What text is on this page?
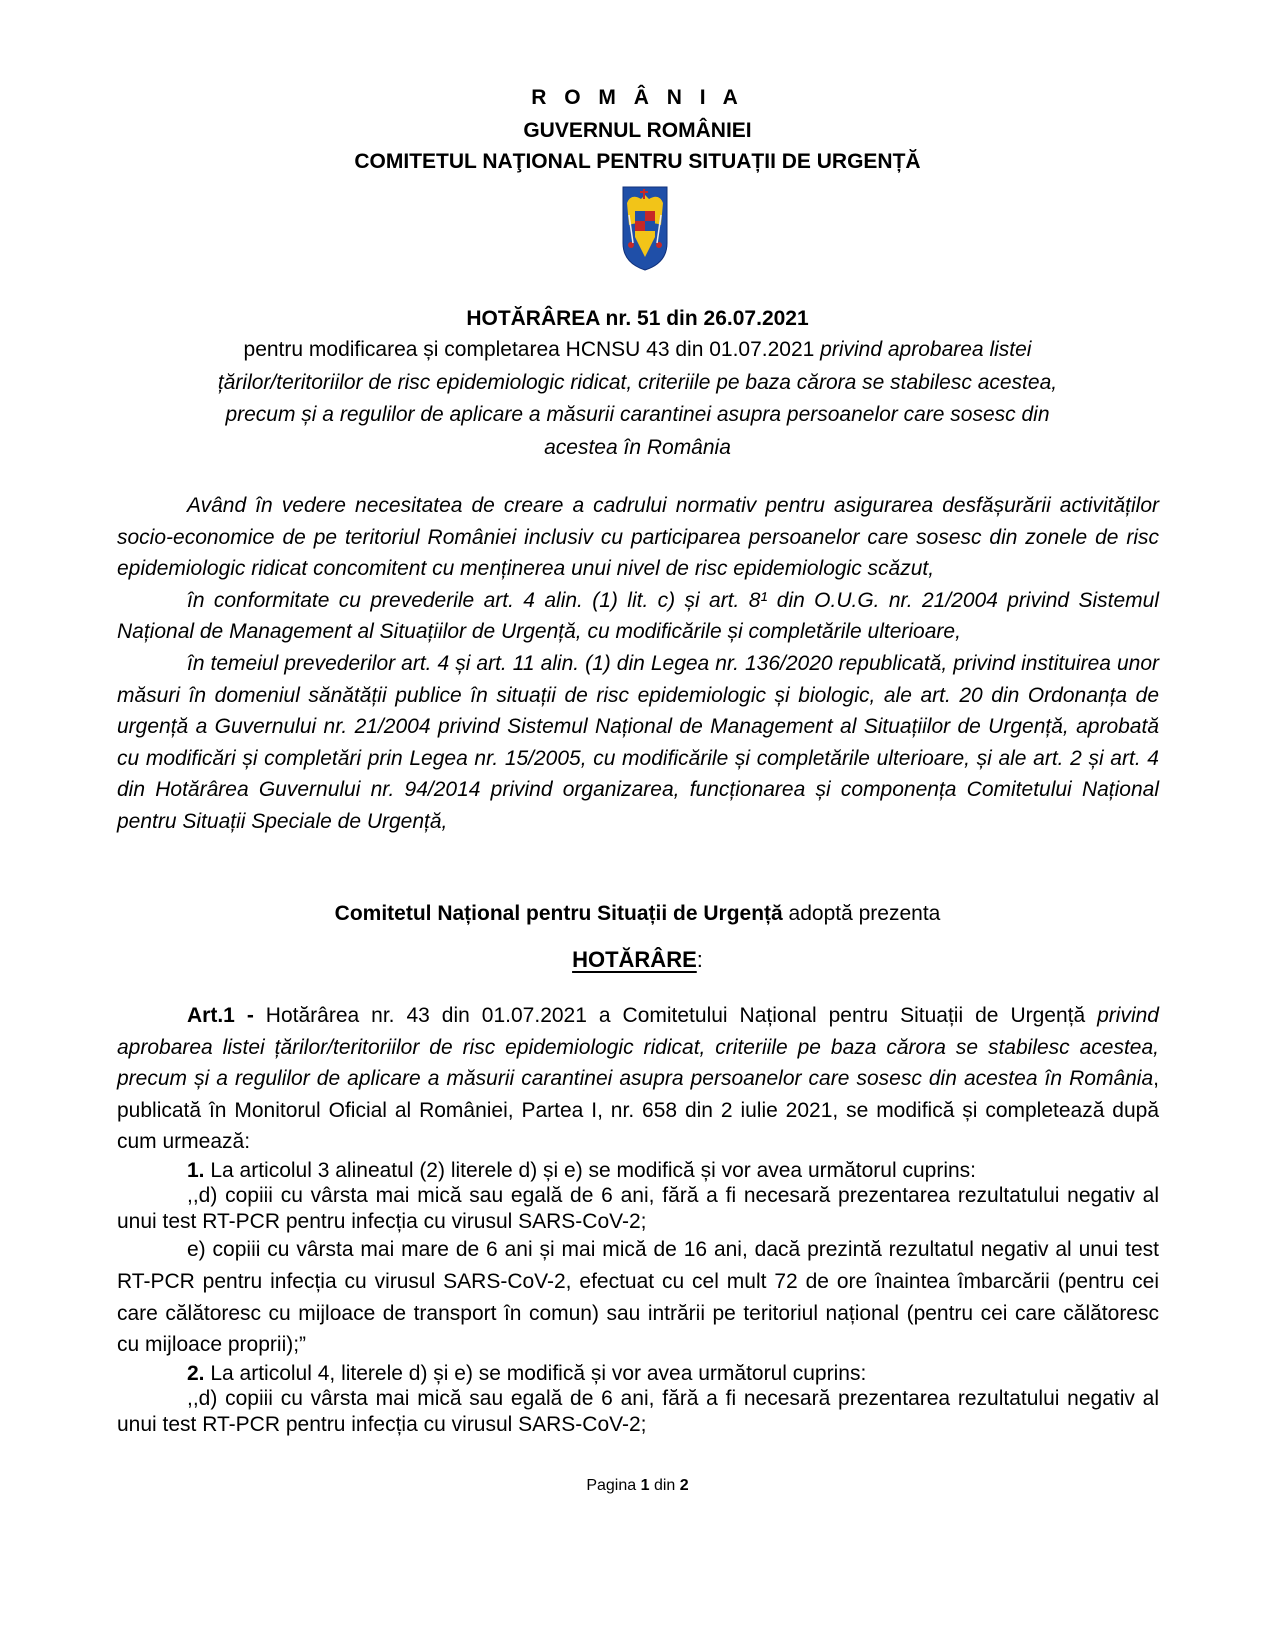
R O M Â N I A
GUVERNUL ROMÂNIEI
COMITETUL NAŢIONAL PENTRU SITUAȚII DE URGENȚĂ
HOTĂRÂREA nr. 51 din 26.07.2021
pentru modificarea și completarea HCNSU 43 din 01.07.2021 privind aprobarea listei țărilor/teritoriilor de risc epidemiologic ridicat, criteriile pe baza cărora se stabilesc acestea, precum și a regulilor de aplicare a măsurii carantinei asupra persoanelor care sosesc din acestea în România

Având în vedere necesitatea de creare a cadrului normativ pentru asigurarea desfășurării activităților socio-economice de pe teritoriul României inclusiv cu participarea persoanelor care sosesc din zonele de risc epidemiologic ridicat concomitent cu menținerea unui nivel de risc epidemiologic scăzut,

în conformitate cu prevederile art. 4 alin. (1) lit. c) și art. 8¹ din O.U.G. nr. 21/2004 privind Sistemul Național de Management al Situațiilor de Urgență, cu modificările și completările ulterioare,

în temeiul prevederilor art. 4 și art. 11 alin. (1) din Legea nr. 136/2020 republicată, privind instituirea unor măsuri în domeniul sănătății publice în situații de risc epidemiologic și biologic, ale art. 20 din Ordonanța de urgență a Guvernului nr. 21/2004 privind Sistemul Național de Management al Situațiilor de Urgență, aprobată cu modificări și completări prin Legea nr. 15/2005, cu modificările și completările ulterioare, și ale art. 2 și art. 4 din Hotărârea Guvernului nr. 94/2014 privind organizarea, funcționarea și componența Comitetului Național pentru Situații Speciale de Urgență,

Comitetul Național pentru Situații de Urgență adoptă prezenta
HOTĂRÂRE:

Art.1 - Hotărârea nr. 43 din 01.07.2021 a Comitetului Național pentru Situații de Urgență privind aprobarea listei țărilor/teritoriilor de risc epidemiologic ridicat, criteriile pe baza cărora se stabilesc acestea, precum și a regulilor de aplicare a măsurii carantinei asupra persoanelor care sosesc din acestea în România, publicată în Monitorul Oficial al României, Partea I, nr. 658 din 2 iulie 2021, se modifică și completează după cum urmează:

1. La articolul 3 alineatul (2) literele d) și e) se modifică și vor avea următorul cuprins:

,,d) copiii cu vârsta mai mică sau egală de 6 ani, fără a fi necesară prezentarea rezultatului negativ al unui test RT-PCR pentru infecția cu virusul SARS-CoV-2;

e) copiii cu vârsta mai mare de 6 ani și mai mică de 16 ani, dacă prezintă rezultatul negativ al unui test RT-PCR pentru infecția cu virusul SARS-CoV-2, efectuat cu cel mult 72 de ore înaintea îmbarcării (pentru cei care călătoresc cu mijloace de transport în comun) sau intrării pe teritoriul național (pentru cei care călătoresc cu mijloace proprii);”

2. La articolul 4, literele d) și e) se modifică și vor avea următorul cuprins:

,,d) copiii cu vârsta mai mică sau egală de 6 ani, fără a fi necesară prezentarea rezultatului negativ al unui test RT-PCR pentru infecția cu virusul SARS-CoV-2;

Pagina 1 din 2
